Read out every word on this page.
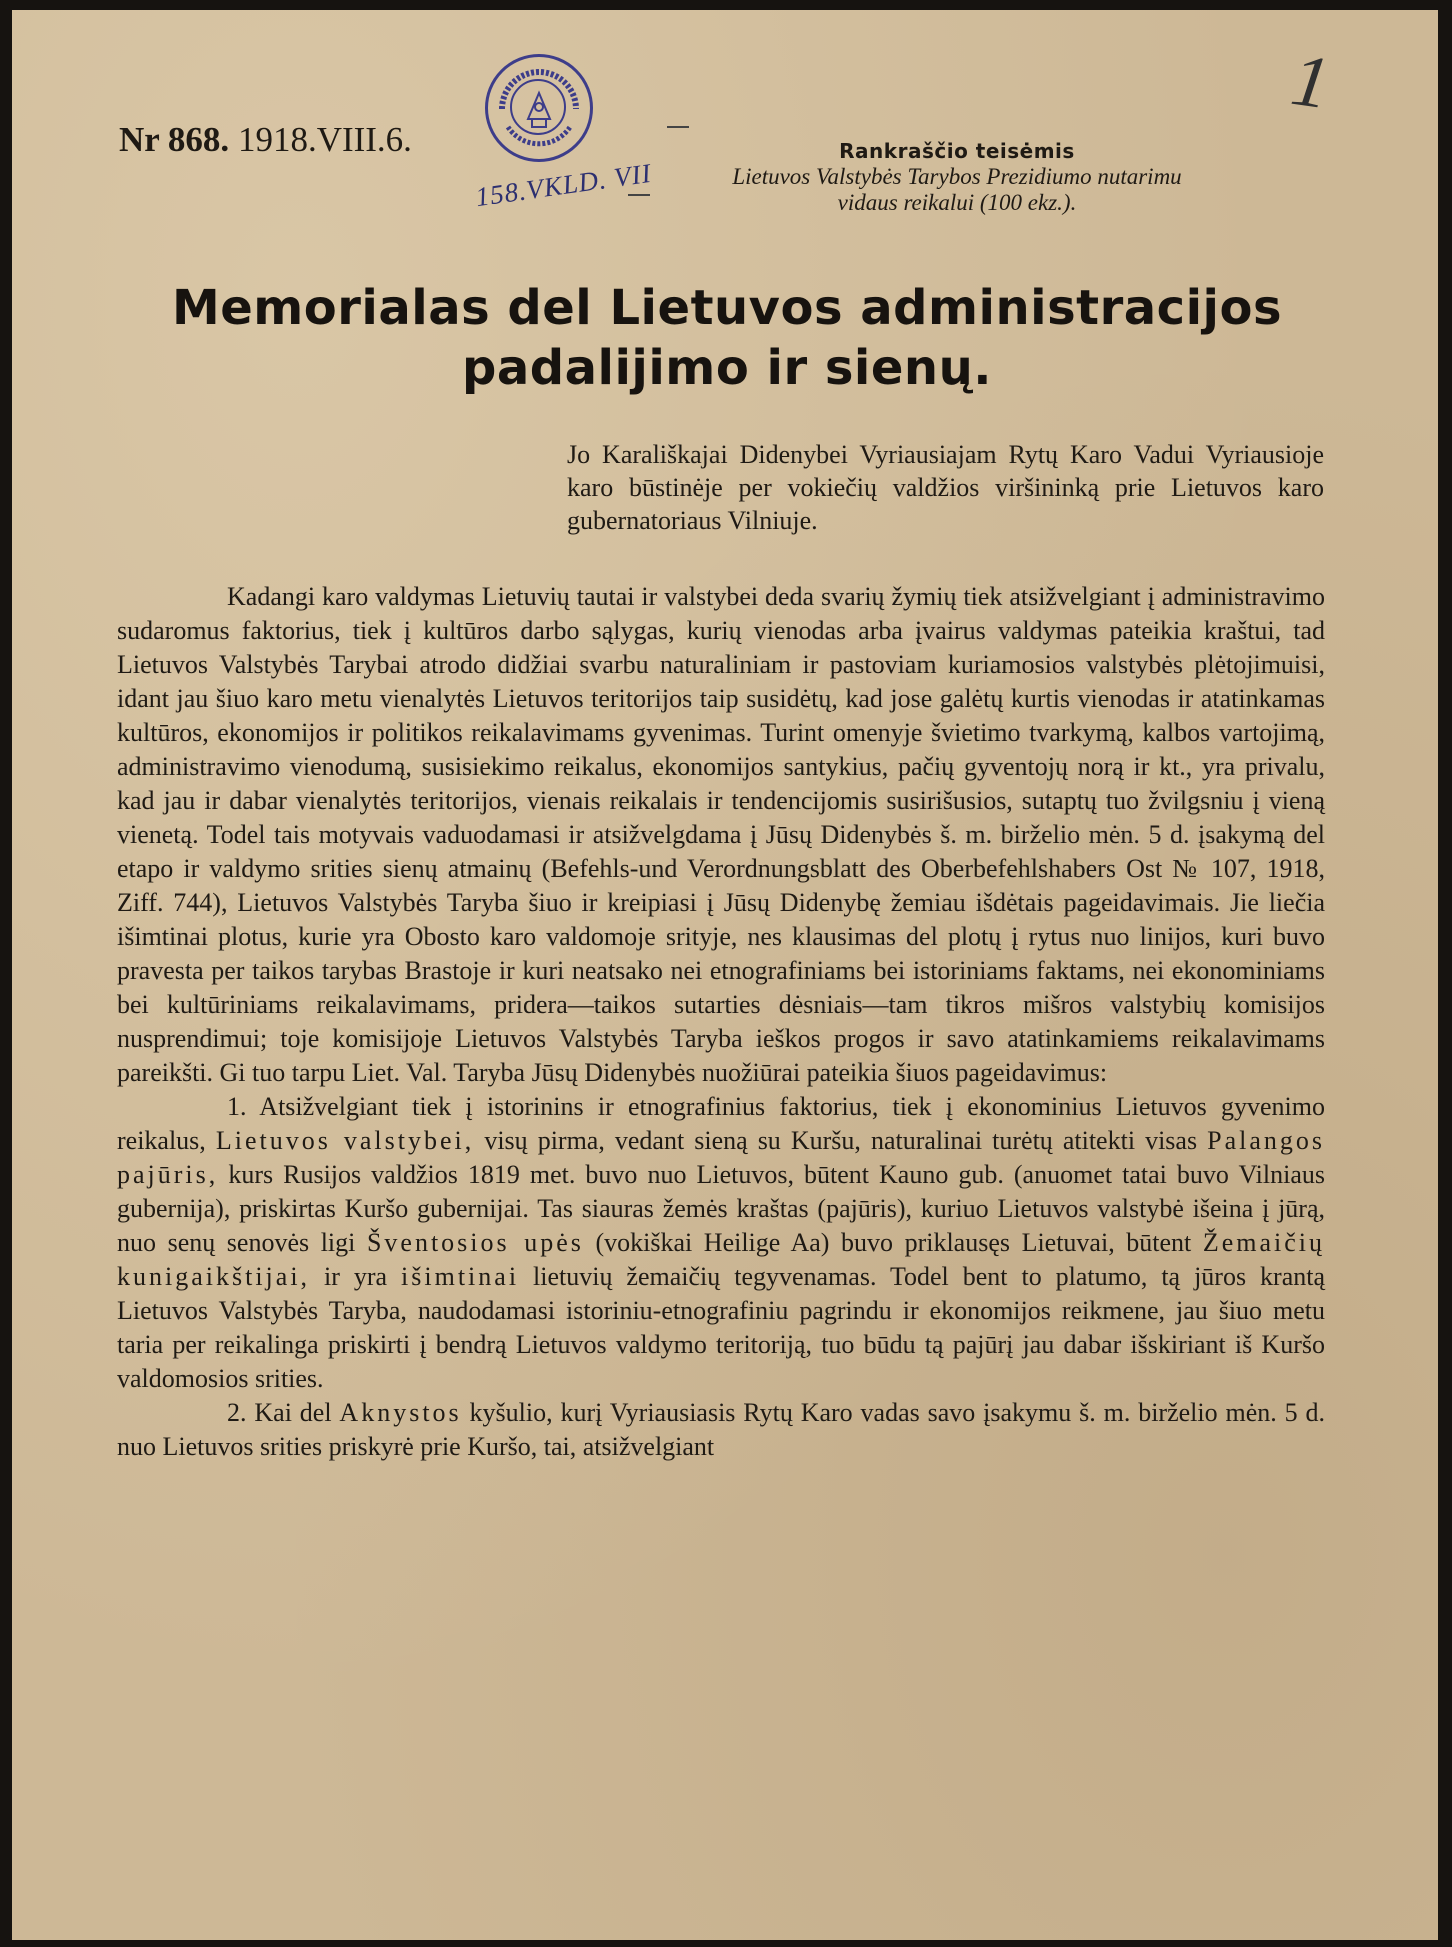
Nr 868. 1918.VIII.6.
158.VKLD. VII
1
Rankraščio teisėmis
Lietuvos Valstybės Tarybos Prezidiumo nutarimu
vidaus reikalui (100 ekz.).
Memorialas del Lietuvos administracijos
padalijimo ir sienų.

Jo Karališkajai Didenybei Vyriausiajam Rytų Karo Vadui Vyriausioje karo būstinėje per vokiečių valdžios viršininką prie Lietuvos karo gubernatoriaus Vilniuje.

Kadangi karo valdymas Lietuvių tautai ir valstybei deda svarių žymių tiek atsižvelgiant į administravimo sudaromus faktorius, tiek į kultūros darbo sąlygas, kurių vienodas arba įvairus valdymas pateikia kraštui, tad Lietuvos Valstybės Tarybai atrodo didžiai svarbu naturaliniam ir pastoviam kuriamosios valstybės plėtojimuisi, idant jau šiuo karo metu vienalytės Lietuvos teritorijos taip susidėtų, kad jose galėtų kurtis vienodas ir atatinkamas kultūros, ekonomijos ir politikos reikalavimams gyvenimas. Turint omenyje švietimo tvarkymą, kalbos vartojimą, administravimo vienodumą, susisiekimo reikalus, ekonomijos santykius, pačių gyventojų norą ir kt., yra privalu, kad jau ir dabar vienalytės teritorijos, vienais reikalais ir tendencijomis susirišusios, sutaptų tuo žvilgsniu į vieną vienetą. Todel tais motyvais vaduodamasi ir atsižvelgdama į Jūsų Didenybės š. m. birželio mėn. 5 d. įsakymą del etapo ir valdymo srities sienų atmainų (Befehls-und Verordnungsblatt des Oberbefehlshabers Ost № 107, 1918, Ziff. 744), Lietuvos Valstybės Taryba šiuo ir kreipiasi į Jūsų Didenybę žemiau išdėtais pageidavimais. Jie liečia išimtinai plotus, kurie yra Obosto karo valdomoje srityje, nes klausimas del plotų į rytus nuo linijos, kuri buvo pravesta per taikos tarybas Brastoje ir kuri neatsako nei etnografiniams bei istoriniams faktams, nei ekonominiams bei kultūriniams reikalavimams, pridera—taikos sutarties dėsniais—tam tikros mišros valstybių komisijos nusprendimui; toje komisijoje Lietuvos Valstybės Taryba ieškos progos ir savo atatinkamiems reikalavimams pareikšti. Gi tuo tarpu Liet. Val. Taryba Jūsų Didenybės nuožiūrai pateikia šiuos pageidavimus:

1. Atsižvelgiant tiek į istorinins ir etnografinius faktorius, tiek į ekonominius Lietuvos gyvenimo reikalus, Lietuvos valstybei, visų pirma, vedant sieną su Kuršu, naturalinai turėtų atitekti visas Palangos pajūris, kurs Rusijos valdžios 1819 met. buvo nuo Lietuvos, būtent Kauno gub. (anuomet tatai buvo Vilniaus gubernija), priskirtas Kuršo gubernijai. Tas siauras žemės kraštas (pajūris), kuriuo Lietuvos valstybė išeina į jūrą, nuo senų senovės ligi Šventosios upės (vokiškai Heilige Aa) buvo priklausęs Lietuvai, būtent Žemaičių kunigaikštijai, ir yra išimtinai lietuvių žemaičių tegyvenamas. Todel bent to platumo, tą jūros krantą Lietuvos Valstybės Taryba, naudodamasi istoriniu-etnografiniu pagrindu ir ekonomijos reikmene, jau šiuo metu taria per reikalinga priskirti į bendrą Lietuvos valdymo teritoriją, tuo būdu tą pajūrį jau dabar išskiriant iš Kuršo valdomosios srities.

2. Kai del Aknystos kyšulio, kurį Vyriausiasis Rytų Karo vadas savo įsakymu š. m. birželio mėn. 5 d. nuo Lietuvos srities priskyrė prie Kuršo, tai, atsižvelgiant
